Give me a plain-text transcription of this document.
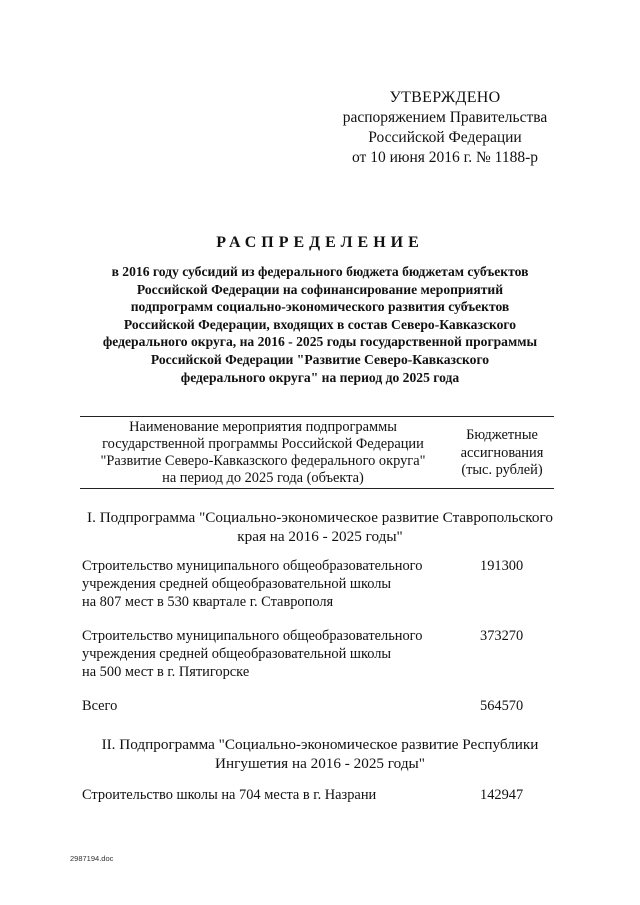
УТВЕРЖДЕНО
распоряжением Правительства
Российской Федерации
от 10 июня 2016 г. № 1188-р
РАСПРЕДЕЛЕНИЕ
в 2016 году субсидий из федерального бюджета бюджетам субъектов
Российской Федерации на софинансирование мероприятий
подпрограмм социально-экономического развития субъектов
Российской Федерации, входящих в состав Северо-Кавказского
федерального округа, на 2016 - 2025 годы государственной программы
Российской Федерации "Развитие Северо-Кавказского
федерального округа" на период до 2025 года
Наименование мероприятия подпрограммы
государственной программы Российской Федерации
"Развитие Северо-Кавказского федерального округа"
на период до 2025 года (объекта)
Бюджетные
ассигнования
(тыс. рублей)
I. Подпрограмма "Социально-экономическое развитие Ставропольского
края на 2016 - 2025 годы"
Строительство муниципального общеобразовательного
учреждения средней общеобразовательной школы
на 807 мест в 530 квартале г. Ставрополя
191300
Строительство муниципального общеобразовательного
учреждения средней общеобразовательной школы
на 500 мест в г. Пятигорске
373270
Всего	564570
II. Подпрограмма "Социально-экономическое развитие Республики
Ингушетия на 2016 - 2025 годы"
Строительство школы на 704 места в г. Назрани	142947
2987194.doc
